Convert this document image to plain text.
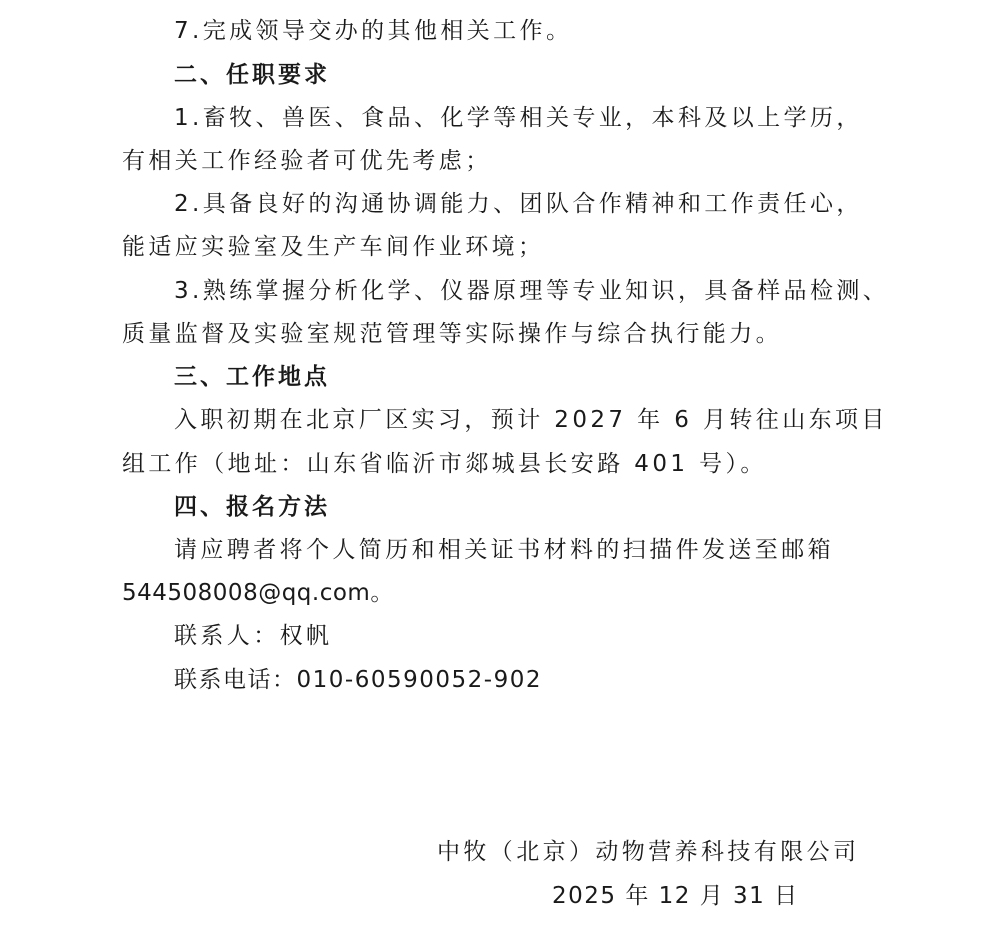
7.完成领导交办的其他相关工作。
二、任职要求
1.畜牧、兽医、食品、化学等相关专业，本科及以上学历，
有相关工作经验者可优先考虑；
2.具备良好的沟通协调能力、团队合作精神和工作责任心，
能适应实验室及生产车间作业环境；
3.熟练掌握分析化学、仪器原理等专业知识，具备样品检测、
质量监督及实验室规范管理等实际操作与综合执行能力。
三、工作地点
入职初期在北京厂区实习，预计 2027 年 6 月转往山东项目
组工作（地址：山东省临沂市郯城县长安路 401 号）。
四、报名方法
请应聘者将个人简历和相关证书材料的扫描件发送至邮箱
544508008@qq.com。
联系人：权帆
联系电话：010-60590052-902
中牧（北京）动物营养科技有限公司
2025 年 12 月 31 日
